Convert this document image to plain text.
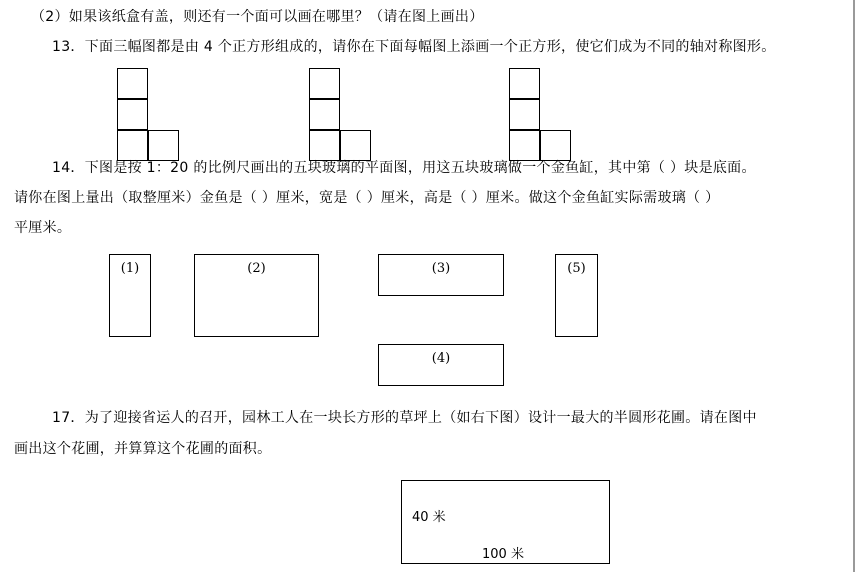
（2）如果该纸盒有盖，则还有一个面可以画在哪里？（请在图上画出）
13．下面三幅图都是由 4 个正方形组成的，请你在下面每幅图上添画一个正方形，使它们成为不同的轴对称图形。
14．下图是按 1：20 的比例尺画出的五块玻璃的平面图，用这五块玻璃做一个金鱼缸，其中第（ ）块是底面。
请你在图上量出（取整厘米）金鱼是（ ）厘米，宽是（ ）厘米，高是（ ）厘米。做这个金鱼缸实际需玻璃（ ）
平厘米。
(1)	(2)	(3)	(5)
(4)
17．为了迎接省运人的召开，园林工人在一块长方形的草坪上（如右下图）设计一最大的半圆形花圃。请在图中
画出这个花圃，并算算这个花圃的面积。
40 米
100 米
